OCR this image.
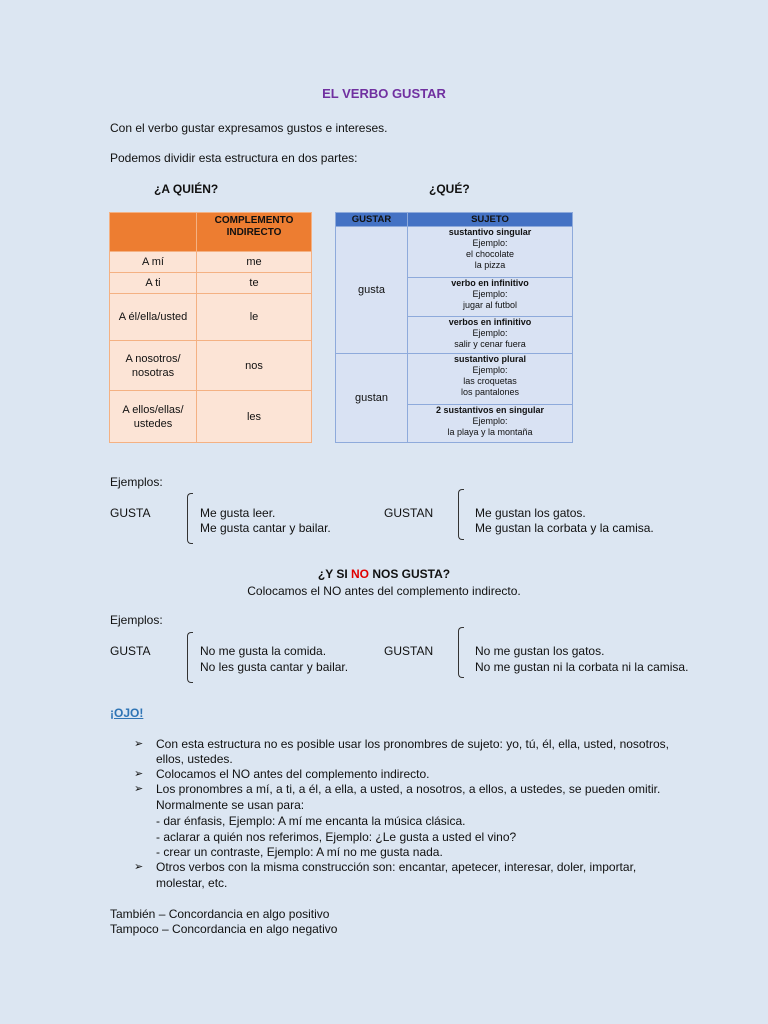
EL VERBO GUSTAR
Con el verbo gustar expresamos gustos e intereses.
Podemos dividir esta estructura en dos partes:
¿A QUIÉN?	¿QUÉ?
	COMPLEMENTO INDIRECTO
A mí	me
A ti	te
A él/ella/usted	le
A nosotros/ nosotras	nos
A ellos/ellas/ ustedes	les
GUSTAR	SUJETO
gusta	sustantivo singular
Ejemplo:
el chocolate
la pizza

	verbo en infinitivo
Ejemplo:
jugar al futbol

	verbos en infinitivo
Ejemplo:
salir y cenar fuera

gustan	sustantivo plural
Ejemplo:
las croquetas
los pantalones

	2 sustantivos en singular
Ejemplo:
la playa y la montaña
Ejemplos:
GUSTA	Me gusta leer.
Me gusta cantar y bailar.
GUSTAN	Me gustan los gatos.
Me gustan la corbata y la camisa.
¿Y SI NO NOS GUSTA?
Colocamos el NO antes del complemento indirecto.
Ejemplos:
GUSTA	No me gusta la comida.
No les gusta cantar y bailar.
GUSTAN	No me gustan los gatos.
No me gustan ni la corbata ni la camisa.
¡OJO!
➢ Con esta estructura no es posible usar los pronombres de sujeto: yo, tú, él, ella, usted, nosotros,
ellos, ustedes.
➢ Colocamos el NO antes del complemento indirecto.
➢ Los pronombres a mí, a ti, a él, a ella, a usted, a nosotros, a ellos, a ustedes, se pueden omitir.
Normalmente se usan para:
- dar énfasis, Ejemplo: A mí me encanta la música clásica.
- aclarar a quién nos referimos, Ejemplo: ¿Le gusta a usted el vino?
- crear un contraste, Ejemplo: A mí no me gusta nada.
➢ Otros verbos con la misma construcción son: encantar, apetecer, interesar, doler, importar,
molestar, etc.
También – Concordancia en algo positivo
Tampoco – Concordancia en algo negativo
